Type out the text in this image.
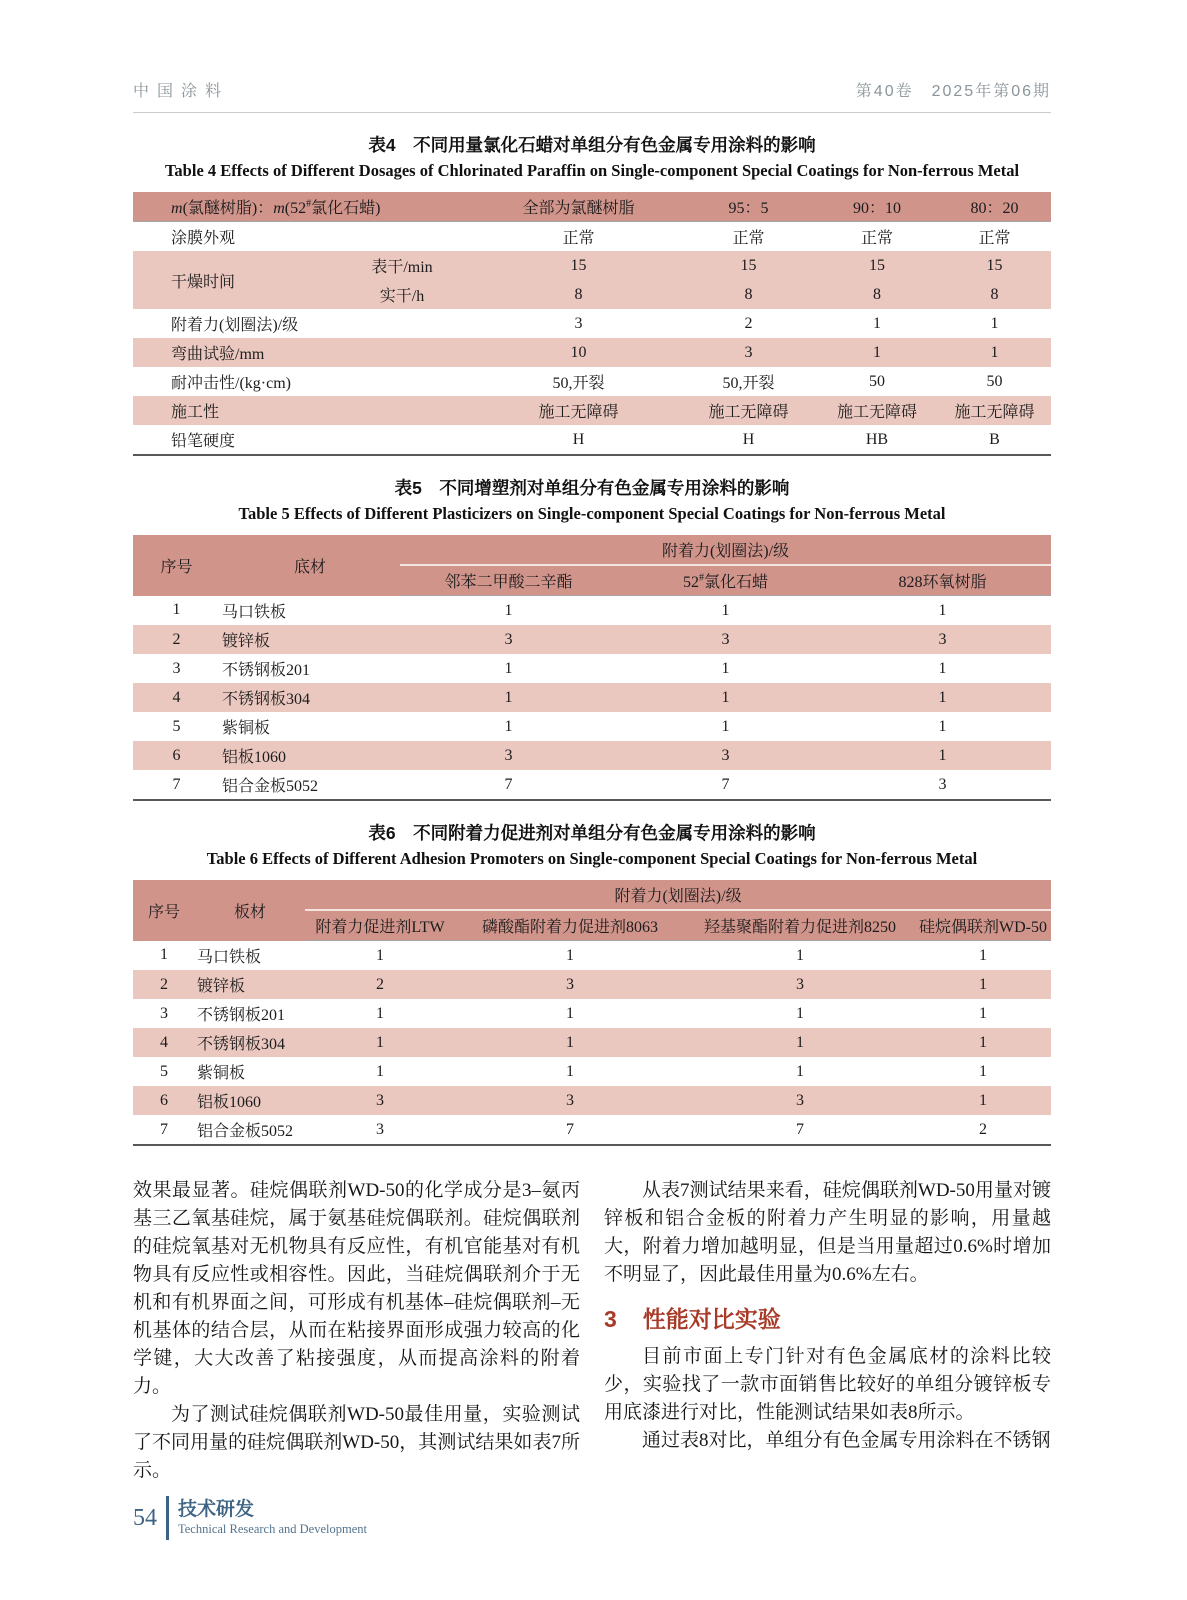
中国涂料	第40卷　2025年第06期
表4　不同用量氯化石蜡对单组分有色金属专用涂料的影响
Table 4 Effects of Different Dosages of Chlorinated Paraffin on Single-component Special Coatings for Non-ferrous Metal
m(氯醚树脂)：m(52#氯化石蜡)		全部为氯醚树脂	95：5	90：10	80：20
涂膜外观		正常	正常	正常	正常
干燥时间	表干/min	15	15	15	15
	实干/h	8	8	8	8
附着力(划圈法)/级		3	2	1	1
弯曲试验/mm		10	3	1	1
耐冲击性/(kg·cm)		50,开裂	50,开裂	50	50
施工性		施工无障碍	施工无障碍	施工无障碍	施工无障碍
铅笔硬度		H	H	HB	B
表5　不同增塑剂对单组分有色金属专用涂料的影响
Table 5 Effects of Different Plasticizers on Single-component Special Coatings for Non-ferrous Metal
序号	底材	附着力(划圈法)/级		
		邻苯二甲酸二辛酯	52#氯化石蜡	828环氧树脂
1	马口铁板	1	1	1
2	镀锌板	3	3	3
3	不锈钢板201	1	1	1
4	不锈钢板304	1	1	1
5	紫铜板	1	1	1
6	铝板1060	3	3	1
7	铝合金板5052	7	7	3
表6　不同附着力促进剂对单组分有色金属专用涂料的影响
Table 6 Effects of Different Adhesion Promoters on Single-component Special Coatings for Non-ferrous Metal
序号	板材	附着力(划圈法)/级			
		附着力促进剂LTW	磷酸酯附着力促进剂8063	羟基聚酯附着力促进剂8250	硅烷偶联剂WD-50
1	马口铁板	1	1	1	1
2	镀锌板	2	3	3	1
3	不锈钢板201	1	1	1	1
4	不锈钢板304	1	1	1	1
5	紫铜板	1	1	1	1
6	铝板1060	3	3	3	1
7	铝合金板5052	3	7	7	2

效果最显著。硅烷偶联剂WD-50的化学成分是3–氨丙基三乙氧基硅烷，属于氨基硅烷偶联剂。硅烷偶联剂的硅烷氧基对无机物具有反应性，有机官能基对有机物具有反应性或相容性。因此，当硅烷偶联剂介于无机和有机界面之间，可形成有机基体–硅烷偶联剂–无机基体的结合层，从而在粘接界面形成强力较高的化学键，大大改善了粘接强度，从而提高涂料的附着力。

为了测试硅烷偶联剂WD-50最佳用量，实验测试了不同用量的硅烷偶联剂WD-50，其测试结果如表7所示。

从表7测试结果来看，硅烷偶联剂WD-50用量对镀锌板和铝合金板的附着力产生明显的影响，用量越大，附着力增加越明显，但是当用量超过0.6%时增加不明显了，因此最佳用量为0.6%左右。

3 性能对比实验

目前市面上专门针对有色金属底材的涂料比较少，实验找了一款市面销售比较好的单组分镀锌板专用底漆进行对比，性能测试结果如表8所示。

通过表8对比，单组分有色金属专用涂料在不锈钢

54 技术研发
Technical Research and Development
